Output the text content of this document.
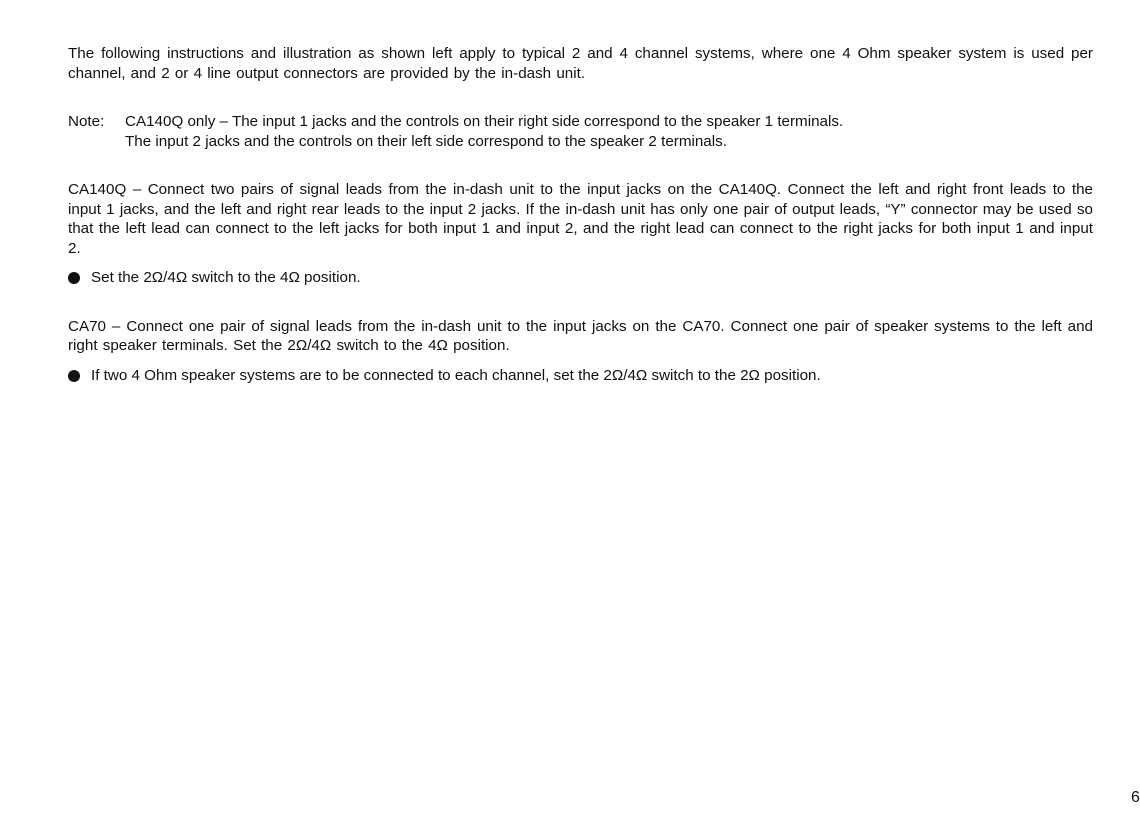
The following instructions and illustration as shown left apply to typical 2 and 4 channel systems, where one 4 Ohm speaker system is used per channel, and 2 or 4 line output connectors are provided by the in-dash unit.

Note:	CA140Q only – The input 1 jacks and the controls on their right side correspond to the speaker 1 terminals.
The input 2 jacks and the controls on their left side correspond to the speaker 2 terminals.

CA140Q – Connect two pairs of signal leads from the in-dash unit to the input jacks on the CA140Q. Connect the left and right front leads to the input 1 jacks, and the left and right rear leads to the input 2 jacks. If the in-dash unit has only one pair of output leads, “Y” connector may be used so that the left lead can connect to the left jacks for both input 1 and input 2, and the right lead can connect to the right jacks for both input 1 and input 2.

Set the 2Ω/4Ω switch to the 4Ω position.

CA70 – Connect one pair of signal leads from the in-dash unit to the input jacks on the CA70. Connect one pair of speaker systems to the left and right speaker terminals. Set the 2Ω/4Ω switch to the 4Ω position.

If two 4 Ohm speaker systems are to be connected to each channel, set the 2Ω/4Ω switch to the 2Ω position.
6
